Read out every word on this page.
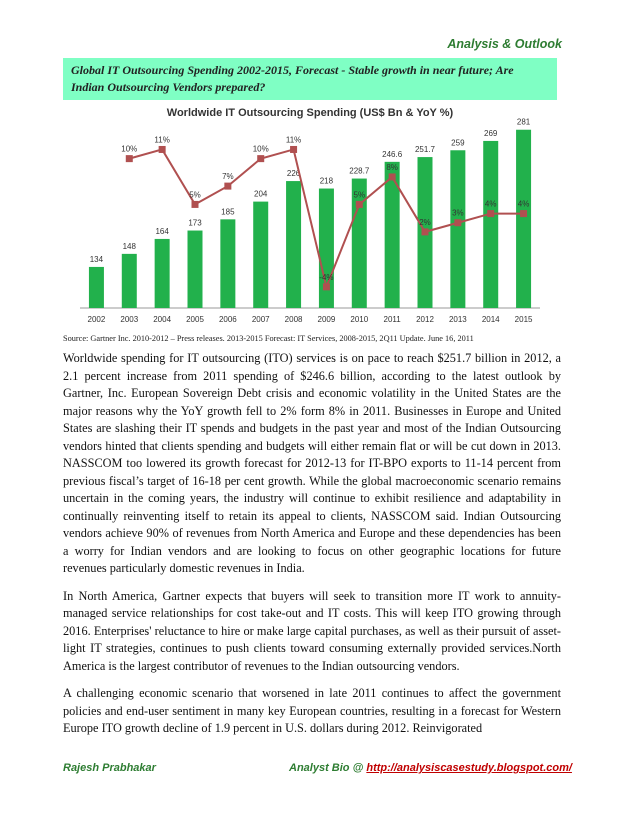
Analysis & Outlook
Global IT Outsourcing Spending 2002-2015, Forecast - Stable growth in near future; Are Indian Outsourcing Vendors prepared?
Worldwide IT Outsourcing Spending (US$ Bn & YoY %)
134
2002
148
2003
164
2004
173
2005
185
2006
204
2007
226
2008
218
2009
228.7
2010
246.6
2011
251.7
2012
259
2013
269
2014
281
2015
10%
11%
5%
7%
10%
11%
-4%
5%
8%
2%
3%
4%	4%
Source: Gartner Inc. 2010-2012 – Press releases. 2013-2015 Forecast: IT Services, 2008-2015, 2Q11 Update. June 16, 2011

Worldwide spending for IT outsourcing (ITO) services is on pace to reach $251.7 billion in 2012, a 2.1 percent increase from 2011 spending of $246.6 billion, according to the latest outlook by Gartner, Inc. European Sovereign Debt crisis and economic volatility in the United States are the major reasons why the YoY growth fell to 2% form 8% in 2011. Businesses in Europe and United States are slashing their IT spends and budgets in the past year and most of the Indian Outsourcing vendors hinted that clients spending and budgets will either remain flat or will be cut down in 2013. NASSCOM too lowered its growth forecast for 2012-13 for IT-BPO exports to 11-14 percent from previous fiscal’s target of 16-18 per cent growth. While the global macroeconomic scenario remains uncertain in the coming years, the industry will continue to exhibit resilience and adaptability in continually reinventing itself to retain its appeal to clients, NASSCOM said. Indian Outsourcing vendors achieve 90% of revenues from North America and Europe and these dependencies has been a worry for Indian vendors and are looking to focus on other geographic locations for future revenues particularly domestic revenues in India.

In North America, Gartner expects that buyers will seek to transition more IT work to annuity-managed service relationships for cost take-out and IT costs. This will keep ITO growing through 2016. Enterprises' reluctance to hire or make large capital purchases, as well as their pursuit of asset-light IT strategies, continues to push clients toward consuming externally provided services.North America is the largest contributor of revenues to the Indian outsourcing vendors.

A challenging economic scenario that worsened in late 2011 continues to affect the government policies and end-user sentiment in many key European countries, resulting in a forecast for Western Europe ITO growth decline of 1.9 percent in U.S. dollars during 2012. Reinvigorated

Rajesh Prabhakar	Analyst Bio @ http://analysiscasestudy.blogspot.com/
